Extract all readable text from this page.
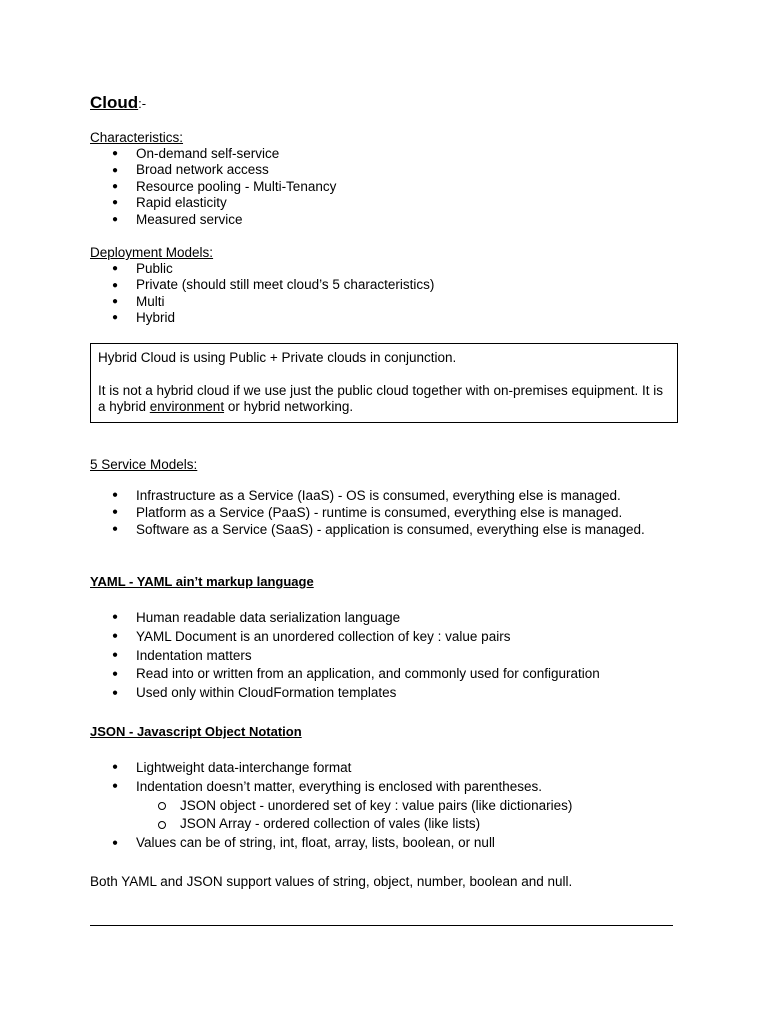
Cloud:-
Characteristics:
● On-demand self-service
● Broad network access
● Resource pooling - Multi-Tenancy
● Rapid elasticity
● Measured service
Deployment Models:
● Public
● Private (should still meet cloud’s 5 characteristics)
● Multi
● Hybrid

Hybrid Cloud is using Public + Private clouds in conjunction.

It is not a hybrid cloud if we use just the public cloud together with on-premises equipment. It is a hybrid environment or hybrid networking.

5 Service Models:
● Infrastructure as a Service (IaaS) - OS is consumed, everything else is managed.
● Platform as a Service (PaaS) - runtime is consumed, everything else is managed.
● Software as a Service (SaaS) - application is consumed, everything else is managed.
YAML - YAML ain’t markup language
● Human readable data serialization language
● YAML Document is an unordered collection of key : value pairs
● Indentation matters
● Read into or written from an application, and commonly used for configuration
● Used only within CloudFormation templates
JSON - Javascript Object Notation
● Lightweight data-interchange format
● Indentation doesn’t matter, everything is enclosed with parentheses.
JSON object - unordered set of key : value pairs (like dictionaries)
JSON Array - ordered collection of vales (like lists)
● Values can be of string, int, float, array, lists, boolean, or null
Both YAML and JSON support values of string, object, number, boolean and null.
